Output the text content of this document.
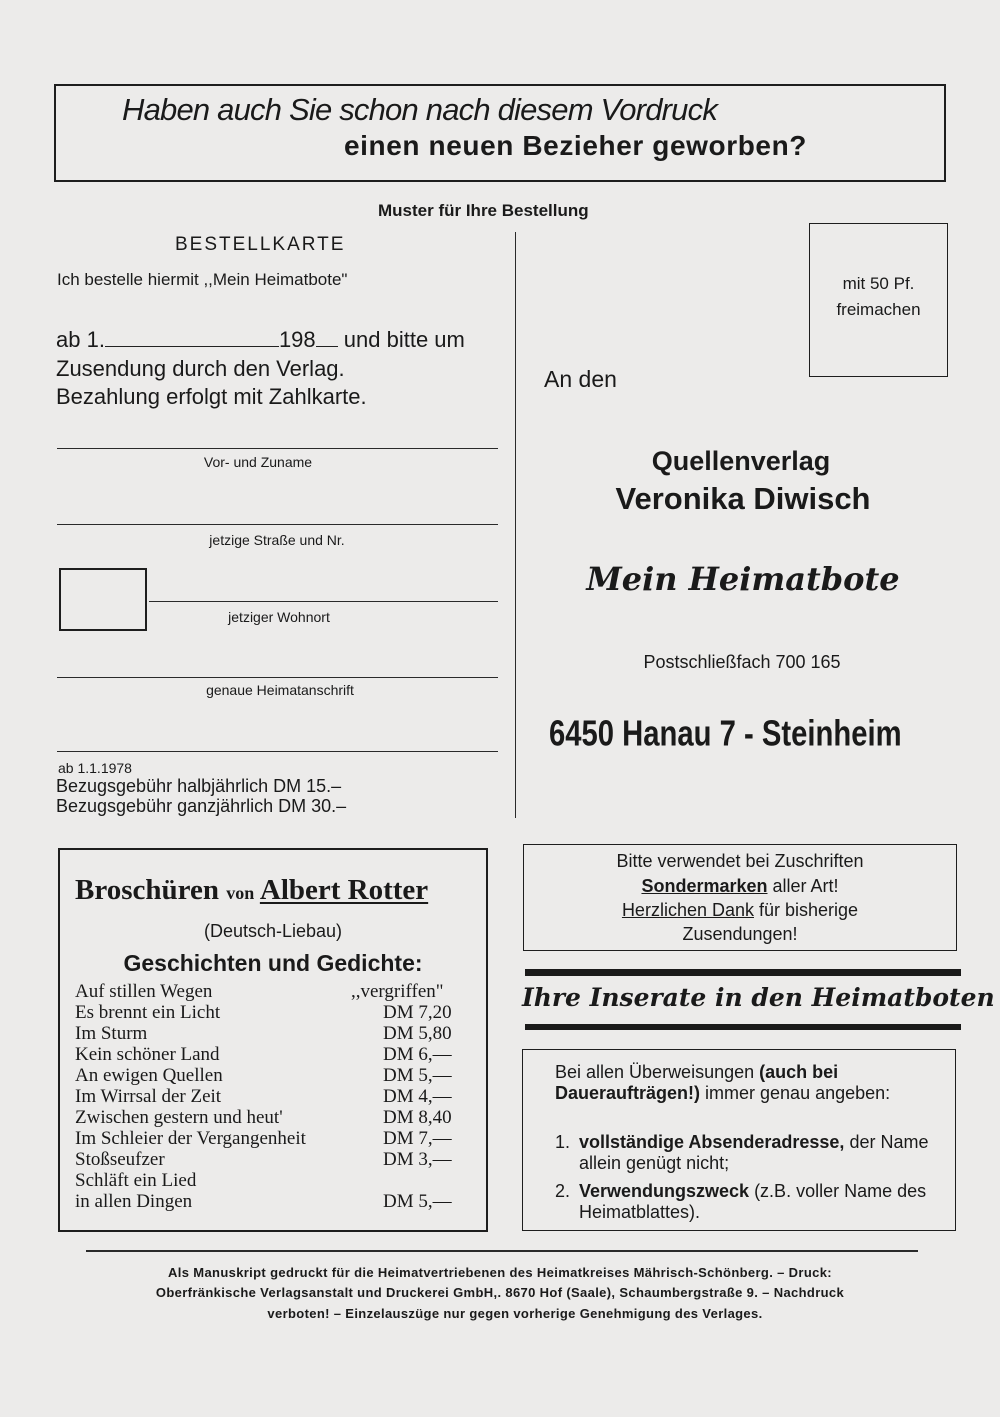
Haben auch Sie schon nach diesem Vordruck
einen neuen Bezieher geworben?
Muster für Ihre Bestellung
BESTELLKARTE
Ich bestelle hiermit ,,Mein Heimatbote"
ab 1.	198 und bitte um
Zusendung durch den Verlag.
Bezahlung erfolgt mit Zahlkarte.
Vor- und Zuname
jetzige Straße und Nr.
jetziger Wohnort
genaue Heimatanschrift
ab 1.1.1978
Bezugsgebühr halbjährlich DM 15.–
Bezugsgebühr ganzjährlich DM 30.–
mit 50 Pf.
freimachen
An den
Quellenverlag
Veronika Diwisch
Mein Heimatbote
Postschließfach 700 165
6450 Hanau 7 - Steinheim
Broschüren von Albert Rotter
(Deutsch-Liebau)
Geschichten und Gedichte:
Auf stillen Wegen	,,vergriffen"
Es brennt ein Licht	DM 7,20
Im Sturm	DM 5,80
Kein schöner Land	DM 6,—
An ewigen Quellen	DM 5,—
Im Wirrsal der Zeit	DM 4,—
Zwischen gestern und heut'	DM 8,40
Im Schleier der Vergangenheit	DM 7,—
Stoßseufzer	DM 3,—
Schläft ein Lied
in allen Dingen	DM 5,—
Bitte verwendet bei Zuschriften
Sondermarken aller Art!
Herzlichen Dank für bisherige
Zusendungen!
Ihre Inserate in den Heimatboten
Bei allen Überweisungen (auch bei Daueraufträgen!) immer genau angeben:
1. vollständige Absenderadresse, der Name allein genügt nicht;
2. Verwendungszweck (z.B. voller Name des Heimatblattes).
Als Manuskript gedruckt für die Heimatvertriebenen des Heimatkreises Mährisch-Schönberg. – Druck:
Oberfränkische Verlagsanstalt und Druckerei GmbH,. 8670 Hof (Saale), Schaumbergstraße 9. – Nachdruck
verboten! – Einzelauszüge nur gegen vorherige Genehmigung des Verlages.
